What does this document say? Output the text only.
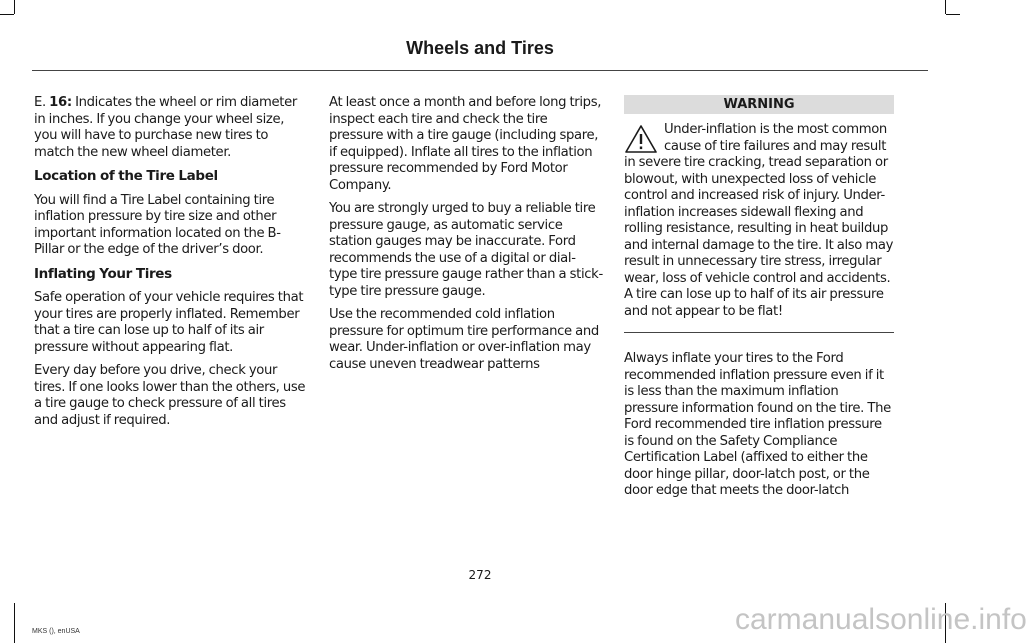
Wheels and Tires

E. 16: Indicates the wheel or rim diameter in inches. If you change your wheel size, you will have to purchase new tires to match the new wheel diameter.

Location of the Tire Label

You will find a Tire Label containing tire inflation pressure by tire size and other important information located on the B-Pillar or the edge of the driver’s door.

Inflating Your Tires

Safe operation of your vehicle requires that your tires are properly inflated. Remember that a tire can lose up to half of its air pressure without appearing flat.

Every day before you drive, check your tires. If one looks lower than the others, use a tire gauge to check pressure of all tires and adjust if required.

At least once a month and before long trips, inspect each tire and check the tire pressure with a tire gauge (including spare, if equipped). Inflate all tires to the inflation pressure recommended by Ford Motor Company.

You are strongly urged to buy a reliable tire pressure gauge, as automatic service station gauges may be inaccurate. Ford recommends the use of a digital or dial-type tire pressure gauge rather than a stick-type tire pressure gauge.

Use the recommended cold inflation pressure for optimum tire performance and wear. Under-inflation or over-inflation may cause uneven treadwear patterns

WARNING
Under-inflation is the most common cause of tire failures and may result in severe tire cracking, tread separation or blowout, with unexpected loss of vehicle control and increased risk of injury. Under-inflation increases sidewall flexing and rolling resistance, resulting in heat buildup and internal damage to the tire. It also may result in unnecessary tire stress, irregular wear, loss of vehicle control and accidents. A tire can lose up to half of its air pressure and not appear to be flat!

Always inflate your tires to the Ford recommended inflation pressure even if it is less than the maximum inflation pressure information found on the tire. The Ford recommended tire inflation pressure is found on the Safety Compliance Certification Label (affixed to either the door hinge pillar, door-latch post, or the door edge that meets the door-latch

272
MKS (), enUSA	carmanualsonline.info
